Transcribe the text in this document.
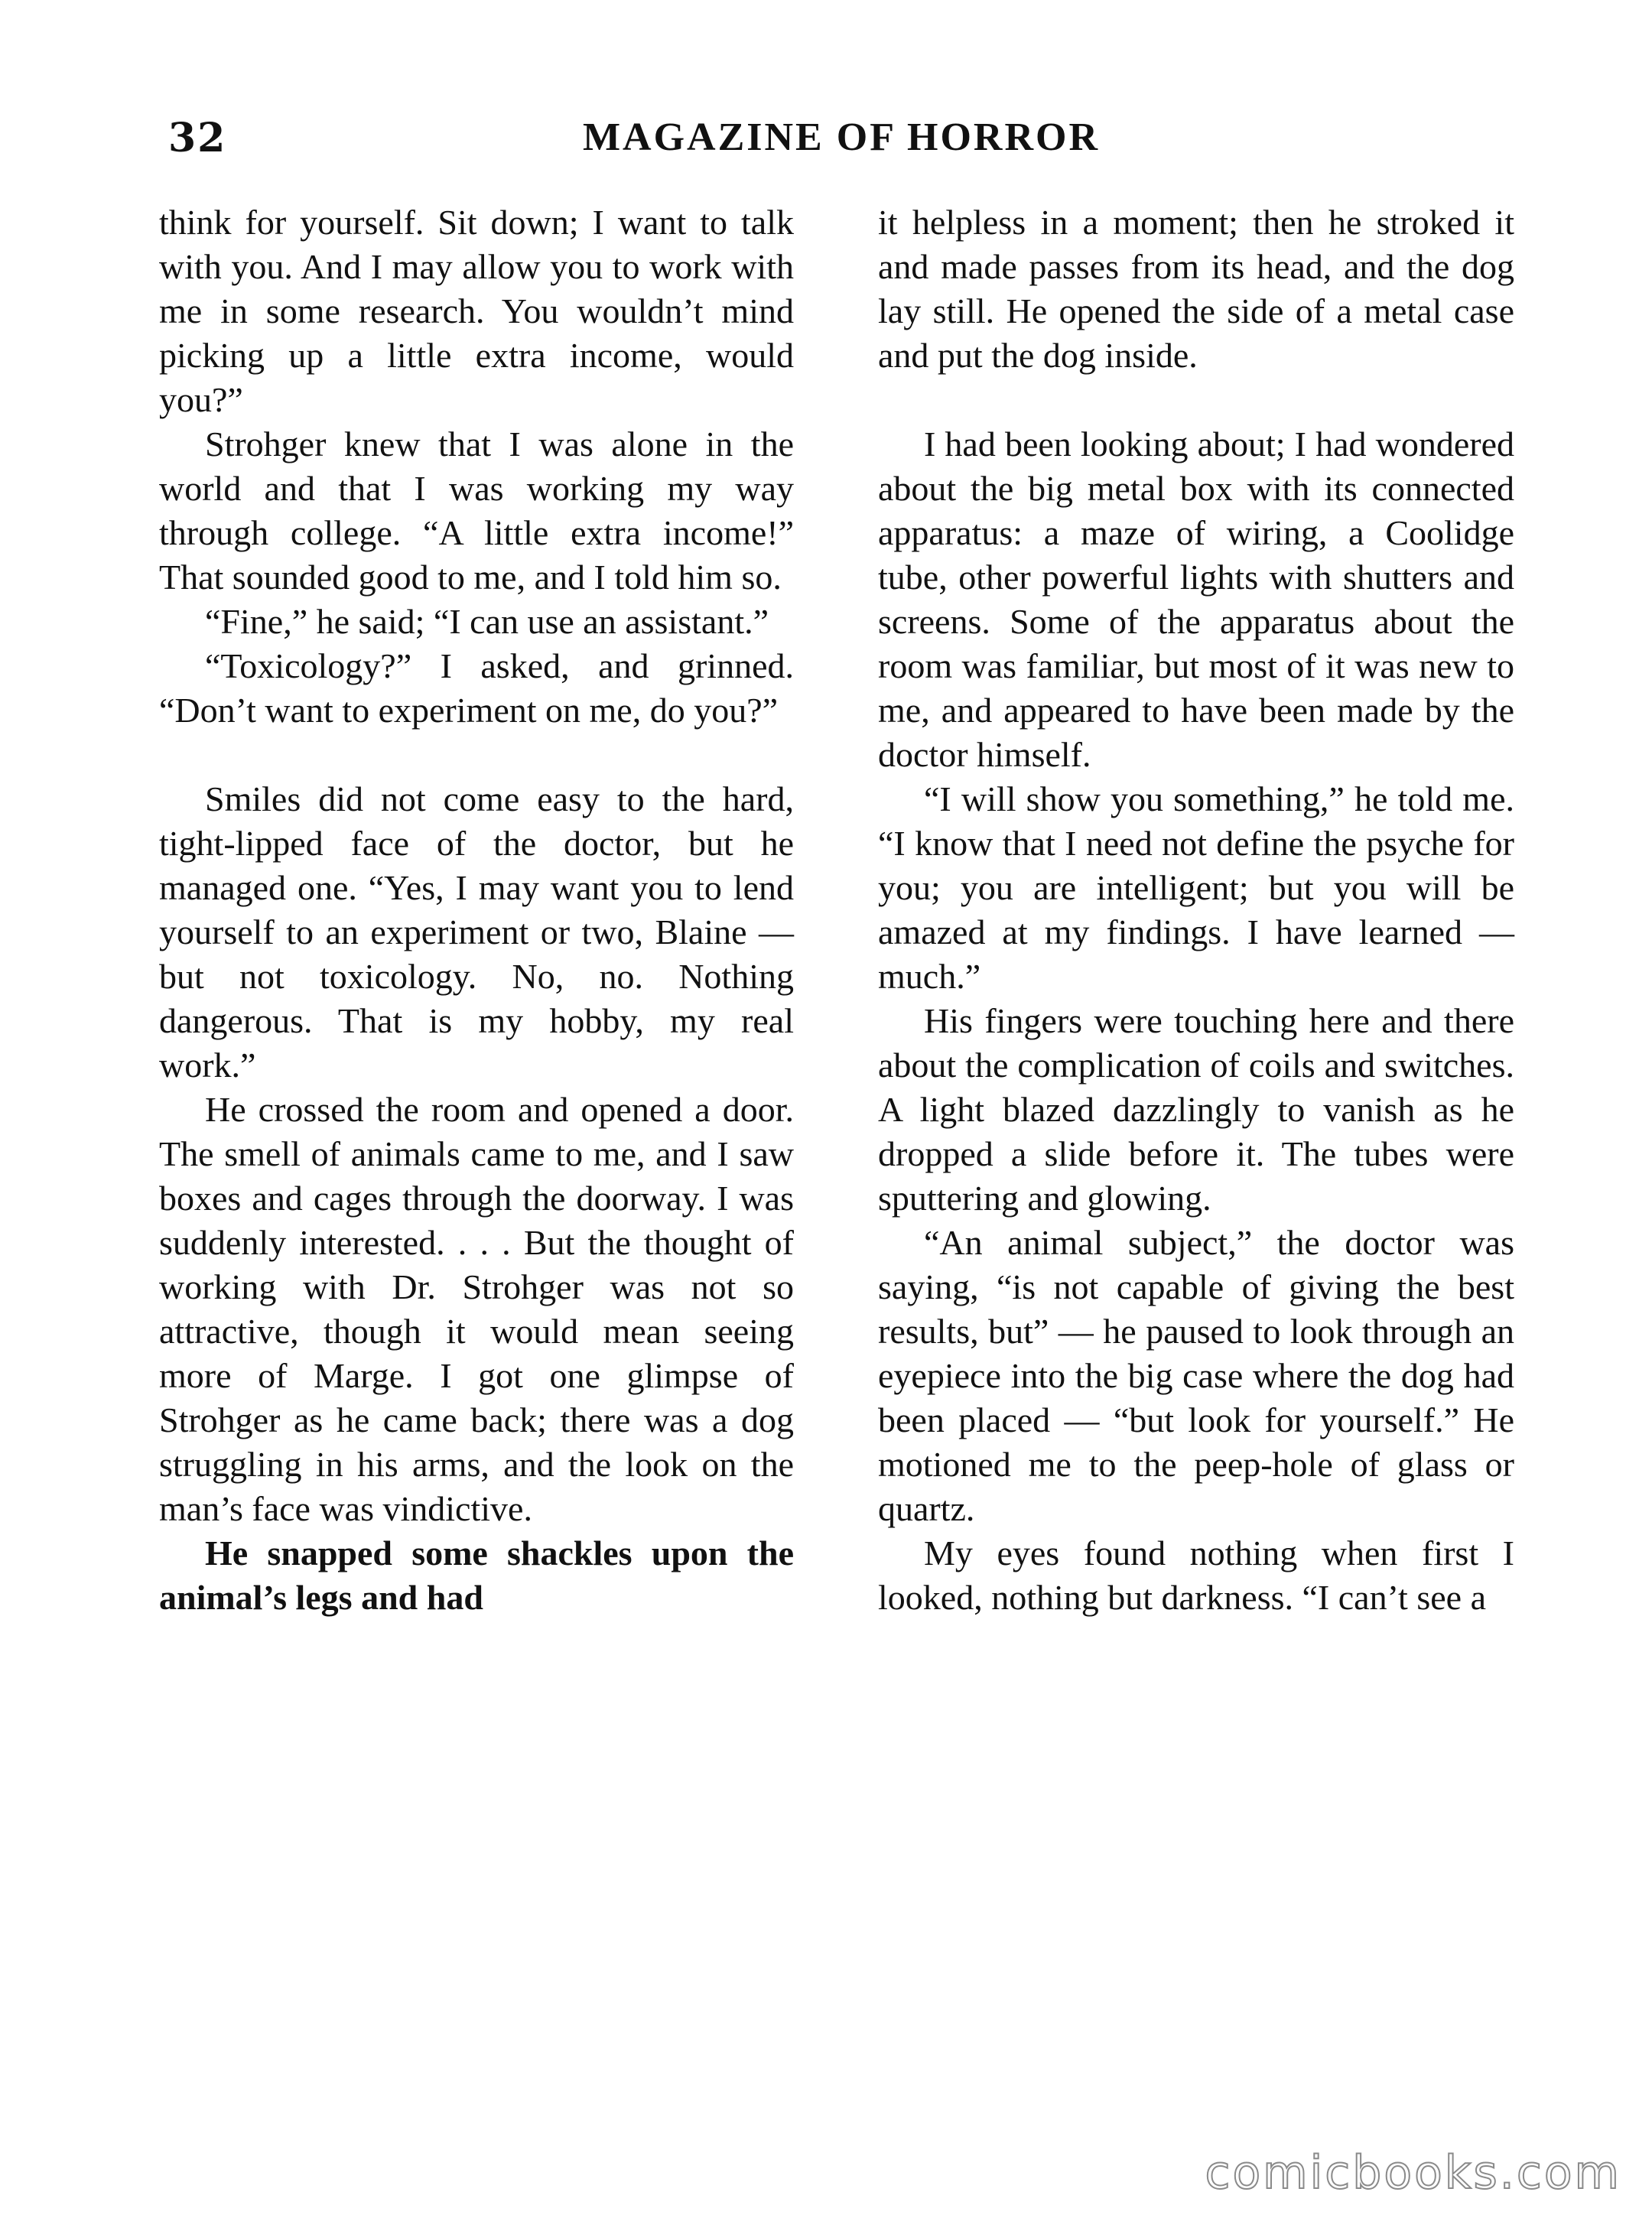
32	MAGAZINE OF HORROR

think for yourself. Sit down; I want to talk with you. And I may allow you to work with me in some research. You wouldn’t mind picking up a little extra income, would you?”

Strohger knew that I was alone in the world and that I was working my way through college. “A little extra income!” That sounded good to me, and I told him so.

“Fine,” he said; “I can use an assistant.”

“Toxicology?” I asked, and grinned. “Don’t want to experiment on me, do you?”

Smiles did not come easy to the hard, tight-lipped face of the doctor, but he managed one. “Yes, I may want you to lend yourself to an experiment or two, Blaine — but not toxicology. No, no. Nothing dangerous. That is my hobby, my real work.”

He crossed the room and opened a door. The smell of animals came to me, and I saw boxes and cages through the doorway. I was suddenly interested. . . . But the thought of working with Dr. Strohger was not so attractive, though it would mean seeing more of Marge. I got one glimpse of Strohger as he came back; there was a dog struggling in his arms, and the look on the man’s face was vindictive.

He snapped some shackles upon the animal’s legs and had

it helpless in a moment; then he stroked it and made passes from its head, and the dog lay still. He opened the side of a metal case and put the dog inside.

I had been looking about; I had wondered about the big metal box with its connected apparatus: a maze of wiring, a Coolidge tube, other powerful lights with shutters and screens. Some of the apparatus about the room was familiar, but most of it was new to me, and appeared to have been made by the doctor himself.

“I will show you something,” he told me. “I know that I need not define the psyche for you; you are intelligent; but you will be amazed at my findings. I have learned — much.”

His fingers were touching here and there about the complication of coils and switches. A light blazed dazzlingly to vanish as he dropped a slide before it. The tubes were sputtering and glowing.

“An animal subject,” the doctor was saying, “is not capable of giving the best results, but” — he paused to look through an eyepiece into the big case where the dog had been placed — “but look for yourself.” He motioned me to the peep-hole of glass or quartz.

My eyes found nothing when first I looked, nothing but darkness. “I can’t see a

comicbooks.com
